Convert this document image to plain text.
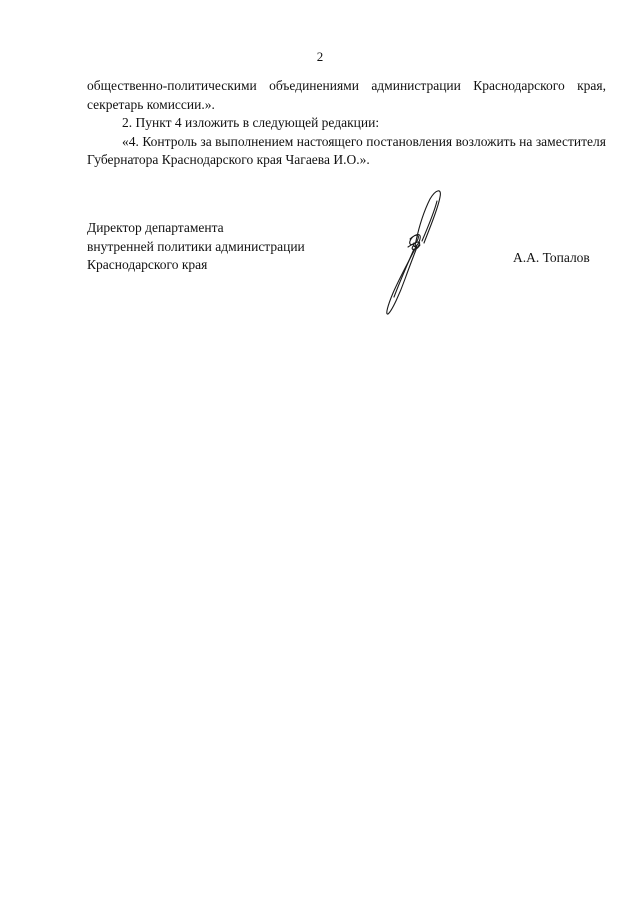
2

общественно-политическими объединениями администрации Краснодарского края, секретарь комиссии.».

2. Пункт 4 изложить в следующей редакции:

«4. Контроль за выполнением настоящего постановления возложить на заместителя Губернатора Краснодарского края Чагаева И.О.».

Директор департамента
внутренней политики администрации
Краснодарского края	А.А. Топалов
